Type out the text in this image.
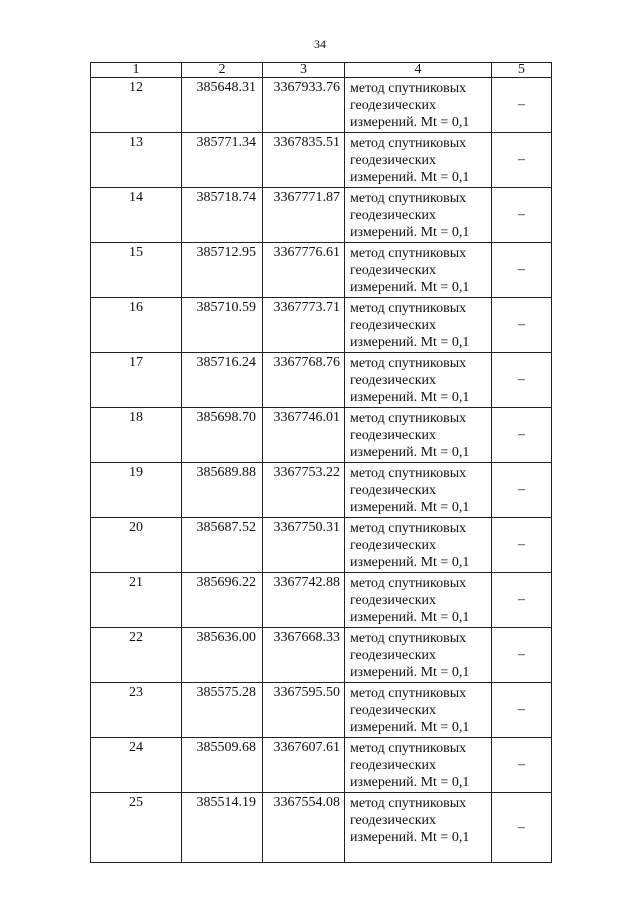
34
1	2	3	4	5
12	385648.31	3367933.76	метод спутниковых
геодезических
измерений. Mt = 0,1	–
13	385771.34	3367835.51	метод спутниковых
геодезических
измерений. Mt = 0,1	–
14	385718.74	3367771.87	метод спутниковых
геодезических
измерений. Mt = 0,1	–
15	385712.95	3367776.61	метод спутниковых
геодезических
измерений. Mt = 0,1	–
16	385710.59	3367773.71	метод спутниковых
геодезических
измерений. Mt = 0,1	–
17	385716.24	3367768.76	метод спутниковых
геодезических
измерений. Mt = 0,1	–
18	385698.70	3367746.01	метод спутниковых
геодезических
измерений. Mt = 0,1	–
19	385689.88	3367753.22	метод спутниковых
геодезических
измерений. Mt = 0,1	–
20	385687.52	3367750.31	метод спутниковых
геодезических
измерений. Mt = 0,1	–
21	385696.22	3367742.88	метод спутниковых
геодезических
измерений. Mt = 0,1	–
22	385636.00	3367668.33	метод спутниковых
геодезических
измерений. Mt = 0,1	–
23	385575.28	3367595.50	метод спутниковых
геодезических
измерений. Mt = 0,1	–
24	385509.68	3367607.61	метод спутниковых
геодезических
измерений. Mt = 0,1	–
25	385514.19	3367554.08	метод спутниковых
геодезических
измерений. Mt = 0,1	–
